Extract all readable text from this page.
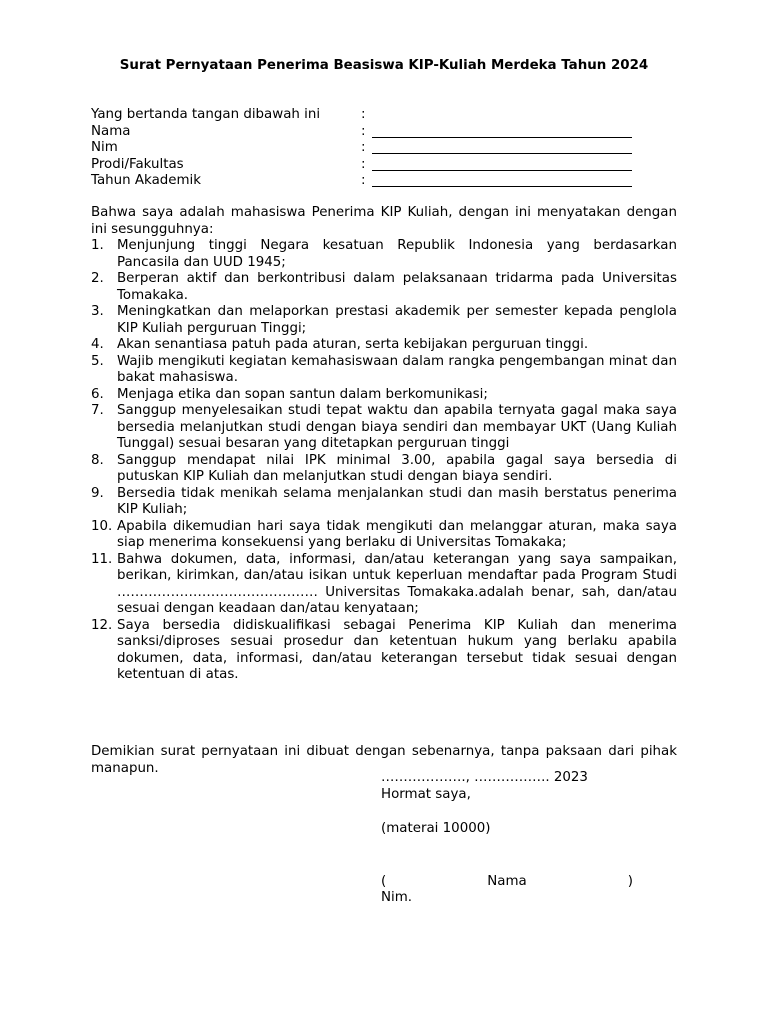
Surat Pernyataan Penerima Beasiswa KIP-Kuliah Merdeka Tahun 2024
Yang bertanda tangan dibawah ini	:
Nama	:
Nim	:
Prodi/Fakultas	:
Tahun Akademik	:
Bahwa saya adalah mahasiswa Penerima KIP Kuliah, dengan ini menyatakan dengan ini sesungguhnya:
1. Menjunjung tinggi Negara kesatuan Republik Indonesia yang berdasarkan Pancasila dan UUD 1945;
2. Berperan aktif dan berkontribusi dalam pelaksanaan tridarma pada Universitas Tomakaka.
3. Meningkatkan dan melaporkan prestasi akademik per semester kepada penglola KIP Kuliah perguruan Tinggi;
4. Akan senantiasa patuh pada aturan, serta kebijakan perguruan tinggi.
5. Wajib mengikuti kegiatan kemahasiswaan dalam rangka pengembangan minat dan bakat mahasiswa.
6. Menjaga etika dan sopan santun dalam berkomunikasi;
7. Sanggup menyelesaikan studi tepat waktu dan apabila ternyata gagal maka saya bersedia melanjutkan studi dengan biaya sendiri dan membayar UKT (Uang Kuliah Tunggal) sesuai besaran yang ditetapkan perguruan tinggi
8. Sanggup mendapat nilai IPK minimal 3.00, apabila gagal saya bersedia di putuskan KIP Kuliah dan melanjutkan studi dengan biaya sendiri.
9. Bersedia tidak menikah selama menjalankan studi dan masih berstatus penerima KIP Kuliah;
10. Apabila dikemudian hari saya tidak mengikuti dan melanggar aturan, maka saya siap menerima konsekuensi yang berlaku di Universitas Tomakaka;
11. Bahwa dokumen, data, informasi, dan/atau keterangan yang saya sampaikan, berikan, kirimkan, dan/atau isikan untuk keperluan mendaftar pada Program Studi ……………………………………… Universitas Tomakaka.adalah benar, sah, dan/atau sesuai dengan keadaan dan/atau kenyataan;
12. Saya bersedia didiskualifikasi sebagai Penerima KIP Kuliah dan menerima sanksi/diproses sesuai prosedur dan ketentuan hukum yang berlaku apabila dokumen, data, informasi, dan/atau keterangan tersebut tidak sesuai dengan ketentuan di atas.
Demikian surat pernyataan ini dibuat dengan sebenarnya, tanpa paksaan dari pihak manapun.
………………., …………….. 2023
Hormat saya,
(materai 10000)
(	Nama	)
Nim.
